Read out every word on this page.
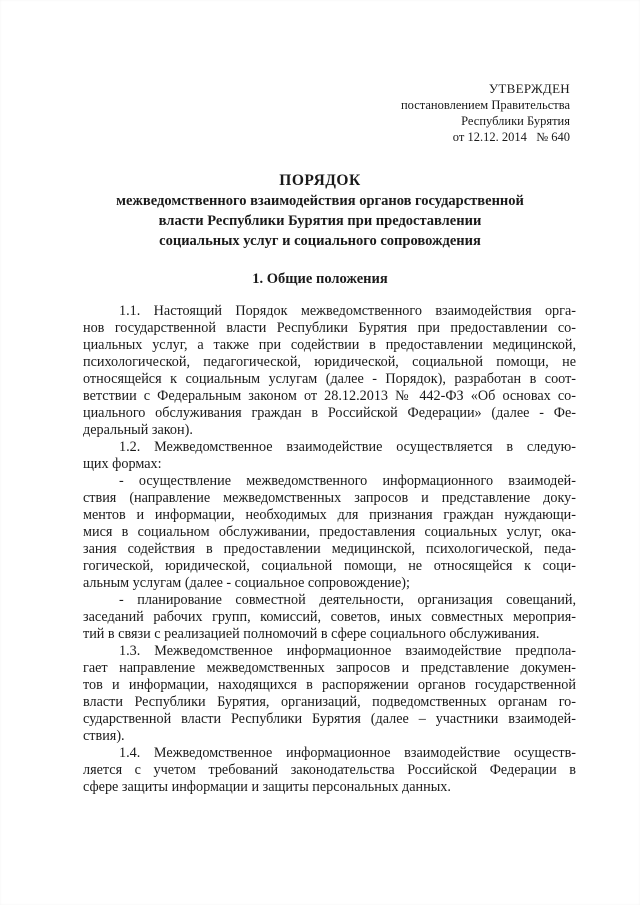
УТВЕРЖДЕН
постановлением Правительства
Республики Бурятия
от 12.12. 2014   № 640
ПОРЯДОК
межведомственного взаимодействия органов государственной
власти Республики Бурятия при предоставлении
социальных услуг и социального сопровождения
1. Общие положения
1.1. Настоящий Порядок межведомственного взаимодействия орга-
нов государственной власти Республики Бурятия при предоставлении со-
циальных услуг, а также при содействии в предоставлении медицинской,
психологической, педагогической, юридической, социальной помощи, не
относящейся к социальным услугам (далее - Порядок), разработан в соот-
ветствии с Федеральным законом от 28.12.2013 № 442-ФЗ «Об основах со-
циального обслуживания граждан в Российской Федерации» (далее - Фе-
деральный закон).
1.2. Межведомственное взаимодействие осуществляется в следую-
щих формах:
- осуществление межведомственного информационного взаимодей-
ствия (направление межведомственных запросов и представление доку-
ментов и информации, необходимых для признания граждан нуждающи-
мися в социальном обслуживании, предоставления социальных услуг, ока-
зания содействия в предоставлении медицинской, психологической, педа-
гогической, юридической, социальной помощи, не относящейся к соци-
альным услугам (далее - социальное сопровождение);
- планирование совместной деятельности, организация совещаний,
заседаний рабочих групп, комиссий, советов, иных совместных мероприя-
тий в связи с реализацией полномочий в сфере социального обслуживания.
1.3. Межведомственное информационное взаимодействие предпола-
гает направление межведомственных запросов и представление докумен-
тов и информации, находящихся в распоряжении органов государственной
власти Республики Бурятия, организаций, подведомственных органам го-
сударственной власти Республики Бурятия (далее – участники взаимодей-
ствия).
1.4. Межведомственное информационное взаимодействие осуществ-
ляется с учетом требований законодательства Российской Федерации в
сфере защиты информации и защиты персональных данных.
